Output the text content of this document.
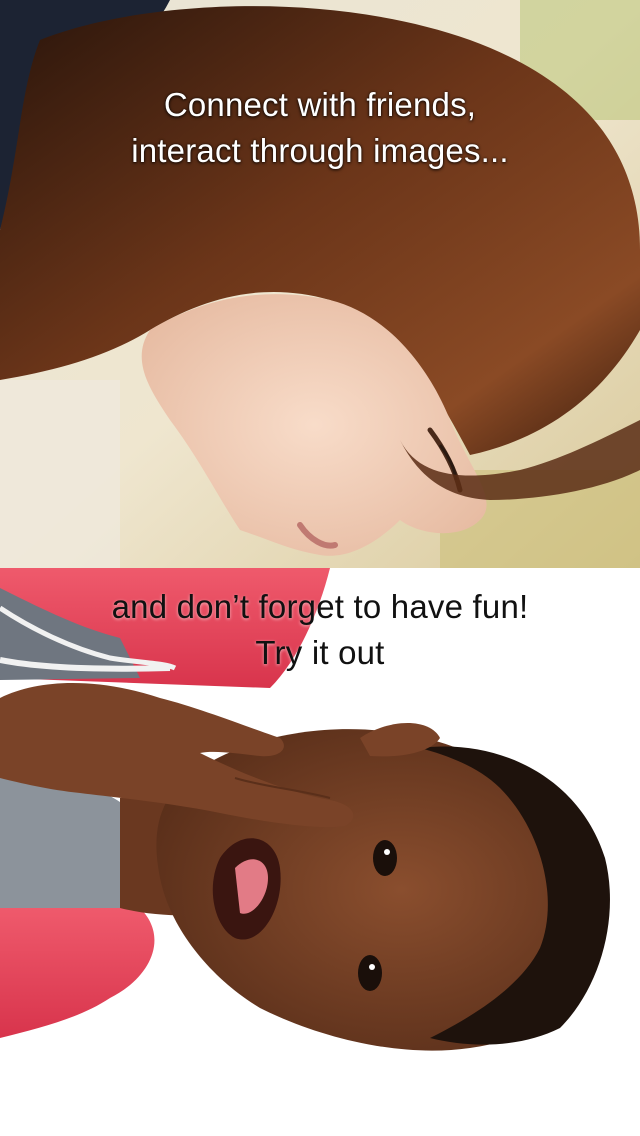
Connect with friends,
interact through images...
and don’t forget to have fun!
Try it out
